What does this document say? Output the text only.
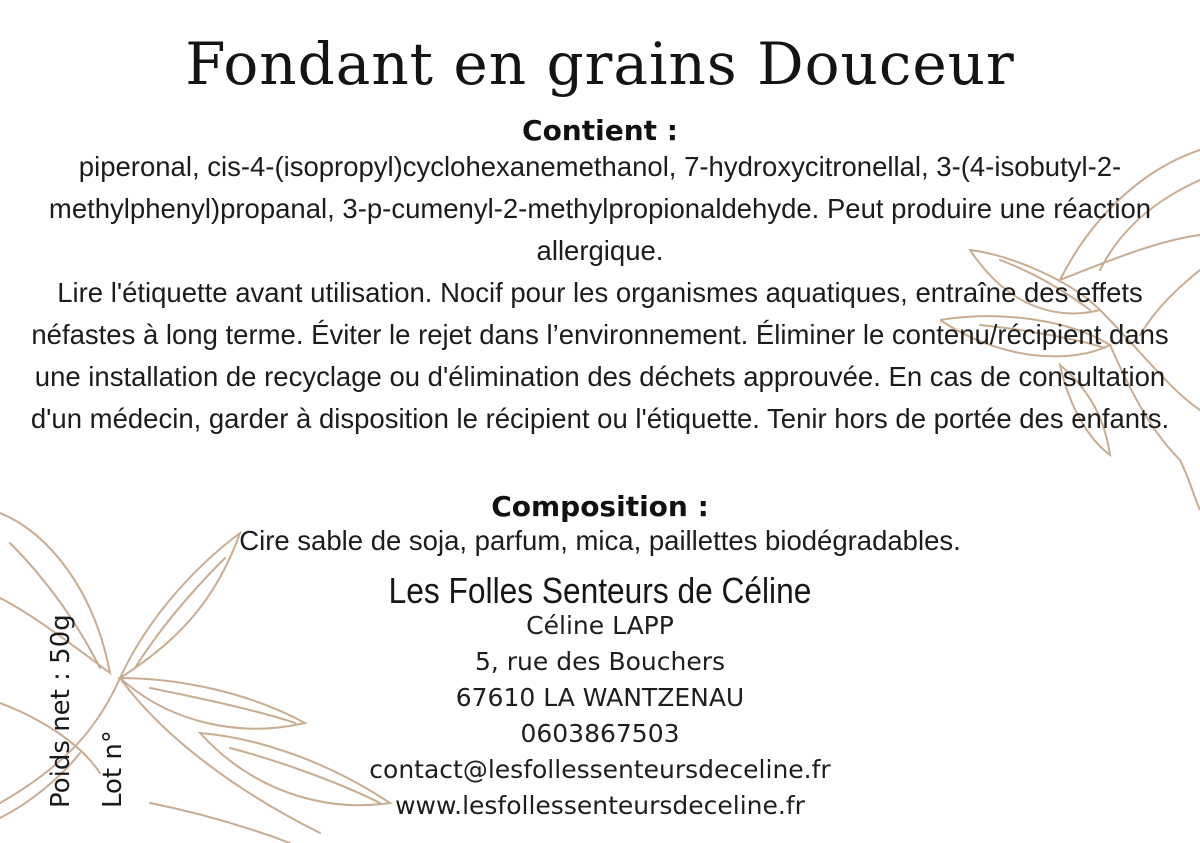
Fondant en grains Douceur
Contient :
piperonal, cis-4-(isopropyl)cyclohexanemethanol, 7-hydroxycitronellal, 3-(4-isobutyl-2-methylphenyl)propanal, 3-p-cumenyl-2-methylpropionaldehyde. Peut produire une réaction allergique.
Lire l'étiquette avant utilisation. Nocif pour les organismes aquatiques, entraîne des effets néfastes à long terme. Éviter le rejet dans l’environnement. Éliminer le contenu/récipient dans une installation de recyclage ou d'élimination des déchets approuvée. En cas de consultation d'un médecin, garder à disposition le récipient ou l'étiquette. Tenir hors de portée des enfants.
Composition :
Cire sable de soja, parfum, mica, paillettes biodégradables.
Les Folles Senteurs de Céline
Céline LAPP
5, rue des Bouchers
67610 LA WANTZENAU
0603867503
contact@lesfollessenteursdeceline.fr
www.lesfollessenteursdeceline.fr
Poids net : 50g Lot n°
